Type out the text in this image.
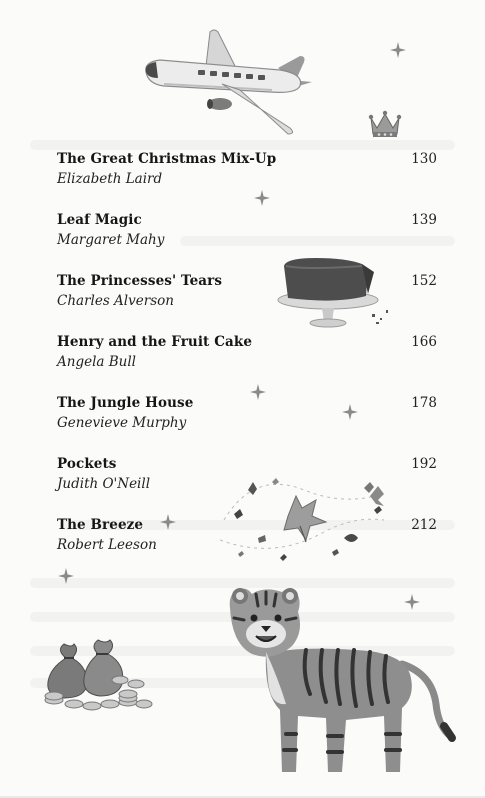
The Great Christmas Mix-Up
Elizabeth Laird
130
Leaf Magic
Margaret Mahy
139
The Princesses' Tears
Charles Alverson
152
Henry and the Fruit Cake
Angela Bull
166
The Jungle House
Genevieve Murphy
178
Pockets
Judith O'Neill
192
The Breeze
Robert Leeson
212
